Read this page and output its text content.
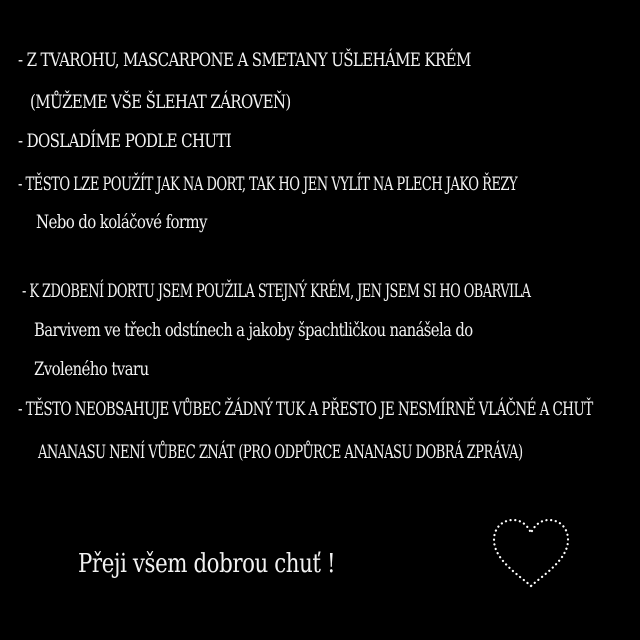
- Z TVAROHU, MASCARPONE A SMETANY UŠLEHÁME KRÉM
(MŮŽEME VŠE ŠLEHAT ZÁROVEŇ)
- DOSLADÍME PODLE CHUTI
- TĚSTO LZE POUŽÍT JAK NA DORT, TAK HO JEN VYLÍT NA PLECH JAKO ŘEZY
Nebo do koláčové formy
- K ZDOBENÍ DORTU JSEM POUŽILA STEJNÝ KRÉM, JEN JSEM SI HO OBARVILA
Barvivem ve třech odstínech a jakoby špachtličkou nanášela do
Zvoleného tvaru
- TĚSTO NEOBSAHUJE VŮBEC ŽÁDNÝ TUK A PŘESTO JE NESMÍRNĚ VLÁČNÉ A CHUŤ
ANANASU NENÍ VŮBEC ZNÁT (PRO ODPŮRCE ANANASU DOBRÁ ZPRÁVA)
Přeji všem dobrou chuť !
